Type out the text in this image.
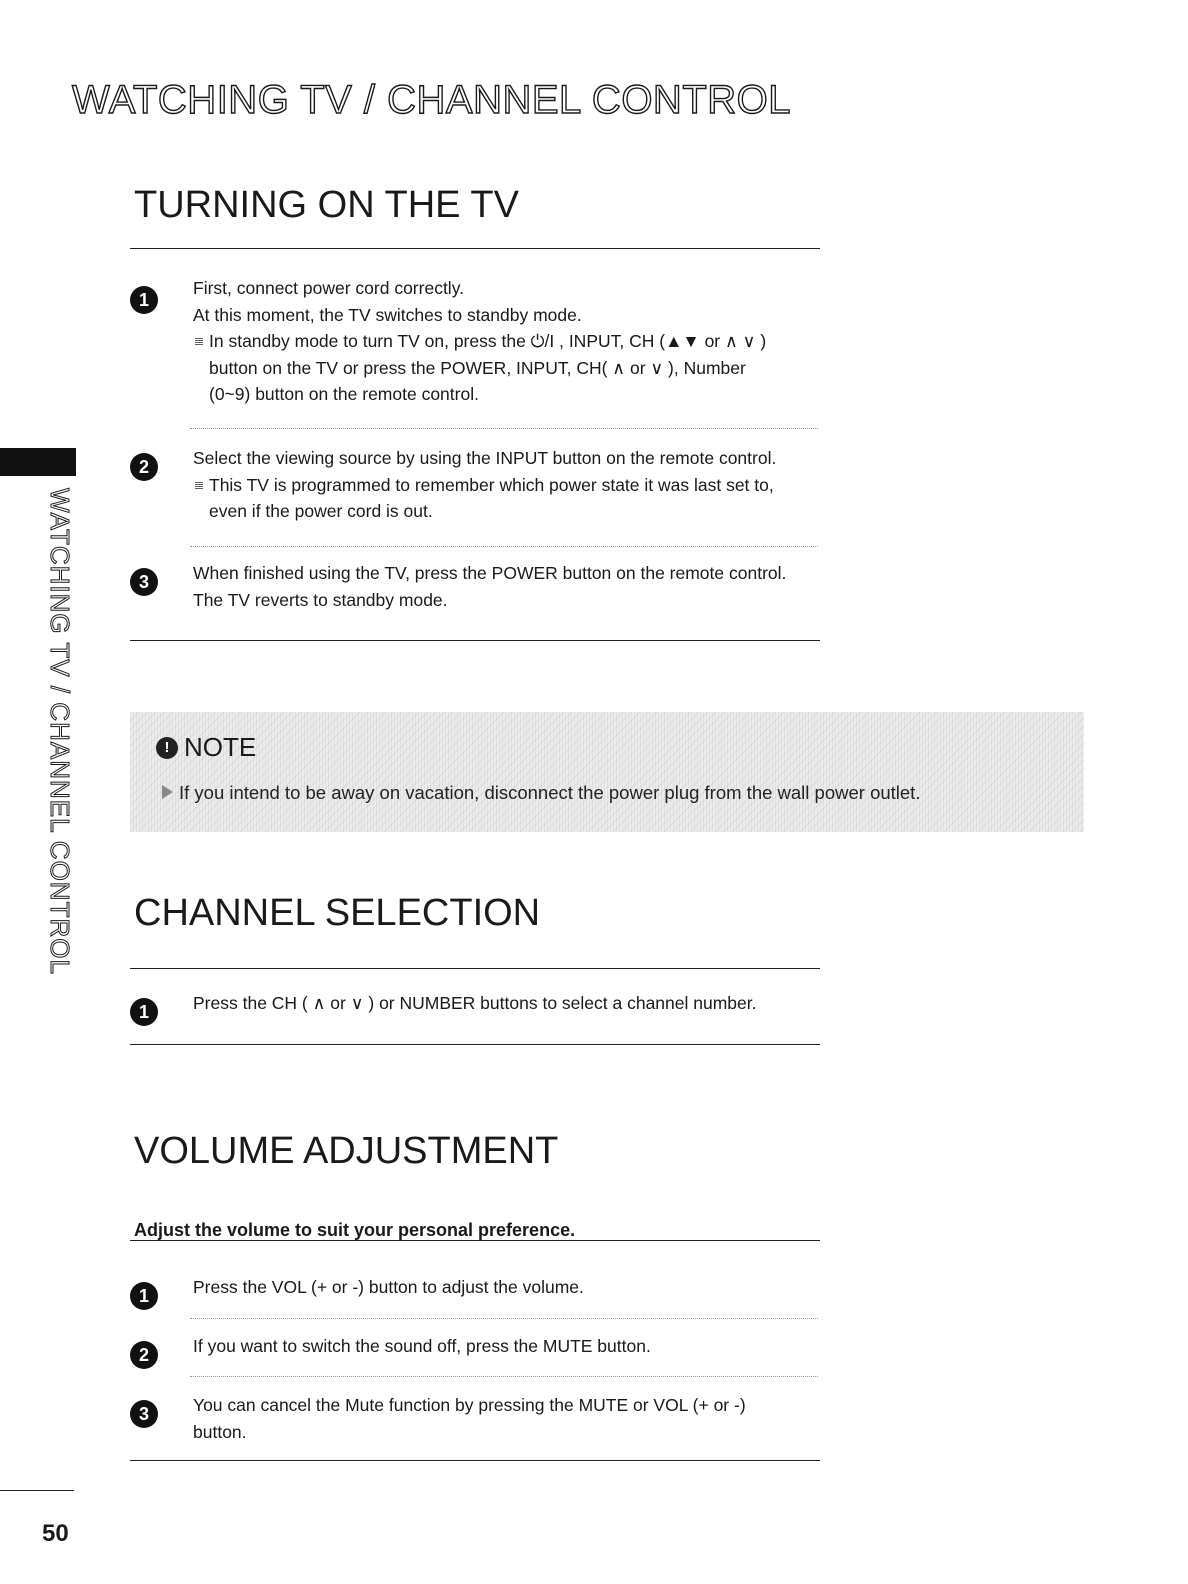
WATCHING TV / CHANNEL CONTROL
WATCHING TV / CHANNEL CONTROL
TURNING ON THE TV
1

First, connect power cord correctly.

At this moment, the TV switches to standby mode.

In standby mode to turn TV on, press the ⏻/I , INPUT, CH (▲▼ or ∧ ∨ )

button on the TV or press the POWER, INPUT, CH( ∧ or ∨ ), Number

(0~9) button on the remote control.

2	Select the viewing source by using the INPUT button on the remote control.

This TV is programmed to remember which power state it was last set to,

even if the power cord is out.

3	When finished using the TV, press the POWER button on the remote control.

The TV reverts to standby mode.

! NOTE
If you intend to be away on vacation, disconnect the power plug from the wall power outlet.
CHANNEL SELECTION
1	Press the CH ( ∧ or ∨ ) or NUMBER buttons to select a channel number.

VOLUME ADJUSTMENT
Adjust the volume to suit your personal preference.
1	Press the VOL (+ or -) button to adjust the volume.

2	If you want to switch the sound off, press the MUTE button.

3	You can cancel the Mute function by pressing the MUTE or VOL (+ or -)

button.

50
